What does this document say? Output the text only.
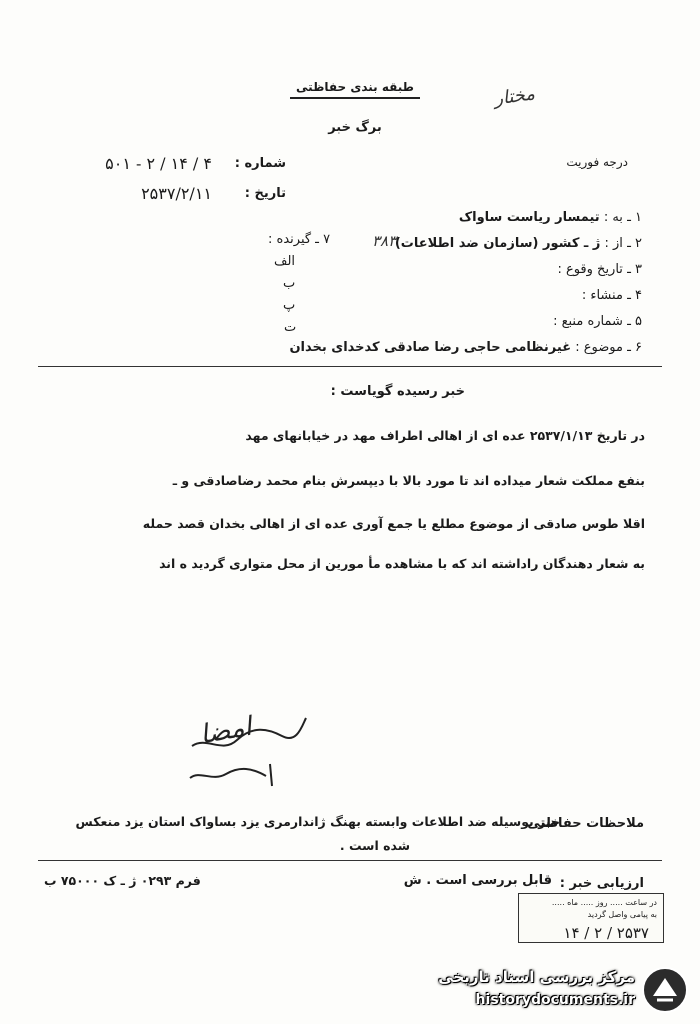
طبقه بندی حفاظتی
برگ خبر
مختار
درجه فوریت
شماره :
۴ / ۱۴ / ۲ - ۵۰۱
تاریخ :
۲۵۳۷/۲/۱۱
۱ ـ به : تیمسار ریاست ساواک
۲ ـ از : ژ ـ کشور (سازمان ضد اطلاعات)
۳ ـ تاریخ وقوع :
۴ ـ منشاء :
۵ ـ شماره منبع :
۶ ـ موضوع : غیرنظامی حاجی رضا صادقی کدخدای بخدان
۳۸۳
۷ ـ گیرنده :
الف
ب
پ
ت
خبر رسیده گویاست :
در تاریخ ۲۵۳۷/۱/۱۳ عده ای از اهالی اطراف مهد در خیابانهای مهد
بنفع مملکت شعار میداده اند تا مورد بالا با دیپسرش بنام محمد رضاصادقی و ـ
اقلا طوس صادقی از موضوع مطلع یا جمع آوری عده ای از اهالی بخدان قصد حمله
به شعار دهندگان راداشته اند که با مشاهده مأ مورین از محل متواری گردید ه اند
امضا
ملاحظات حفاظتی
خبر بوسیله ضد اطلاعات وابسته بهنگ ژاندارمری یزد بساواک استان یزد منعکس
شده است .
ارزیابی خبر :
قابل بررسی است . ش
فرم ۰۲۹۳ ژ ـ ک ۷۵۰۰۰ ب
در ساعت ..... روز ..... ماه .....
به پیامی واصل گردید
۲۵۳۷ / ۲ / ۱۴
مرکز بررسی اسناد تاریخی
historydocuments.ir
